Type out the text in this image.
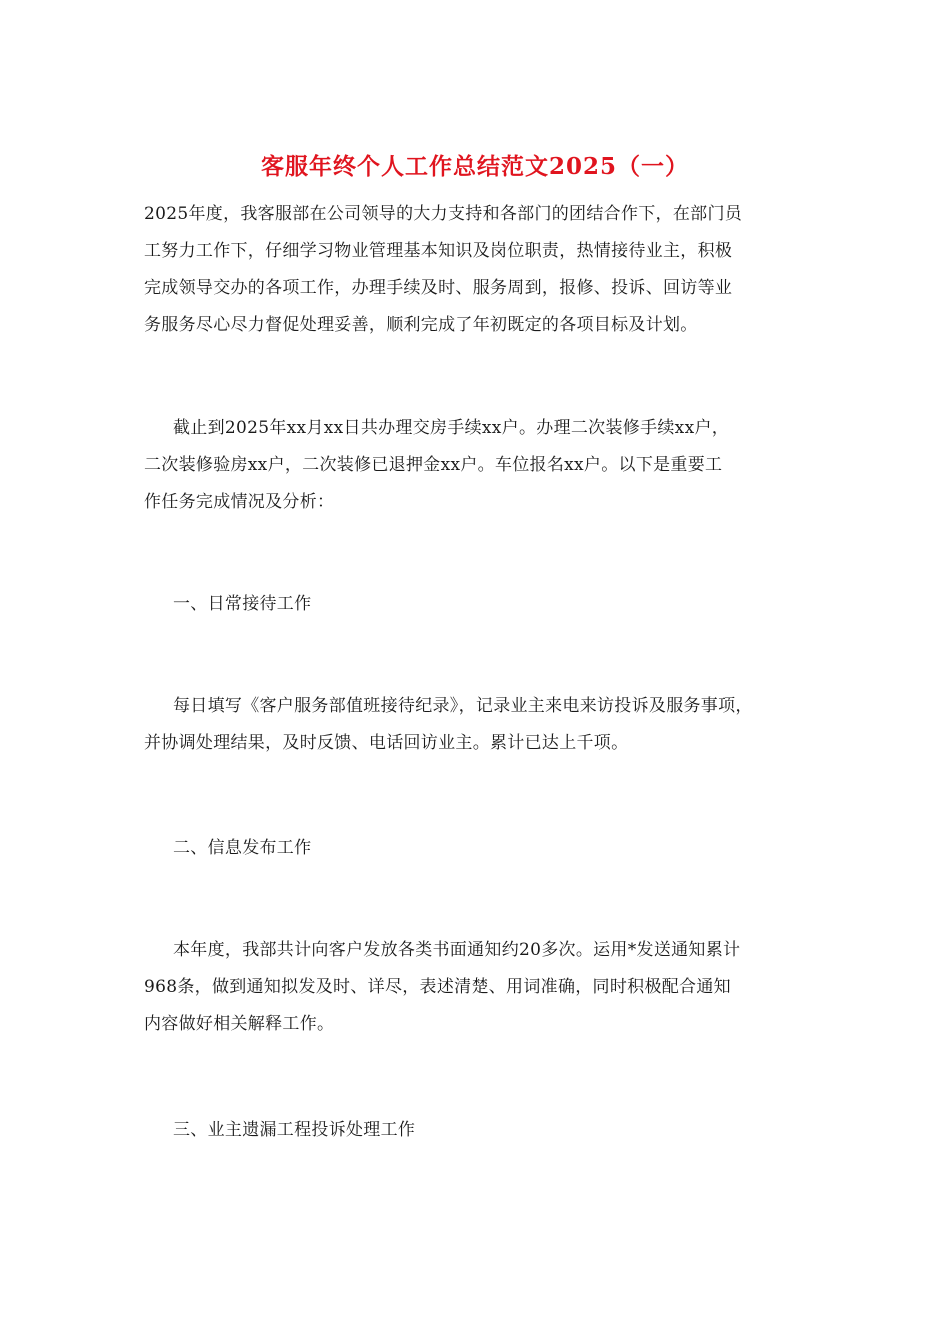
客服年终个人工作总结范文2025（一）
2025年度，我客服部在公司领导的大力支持和各部门的团结合作下，在部门员
工努力工作下，仔细学习物业管理基本知识及岗位职责，热情接待业主，积极
完成领导交办的各项工作，办理手续及时、服务周到，报修、投诉、回访等业
务服务尽心尽力督促处理妥善，顺利完成了年初既定的各项目标及计划。
截止到2025年xx月xx日共办理交房手续xx户。办理二次装修手续xx户，
二次装修验房xx户，二次装修已退押金xx户。车位报名xx户。以下是重要工
作任务完成情况及分析：
一、日常接待工作
每日填写《客户服务部值班接待纪录》，记录业主来电来访投诉及服务事项，
并协调处理结果，及时反馈、电话回访业主。累计已达上千项。
二、信息发布工作
本年度，我部共计向客户发放各类书面通知约20多次。运用*发送通知累计
968条，做到通知拟发及时、详尽，表述清楚、用词准确，同时积极配合通知
内容做好相关解释工作。
三、业主遗漏工程投诉处理工作
